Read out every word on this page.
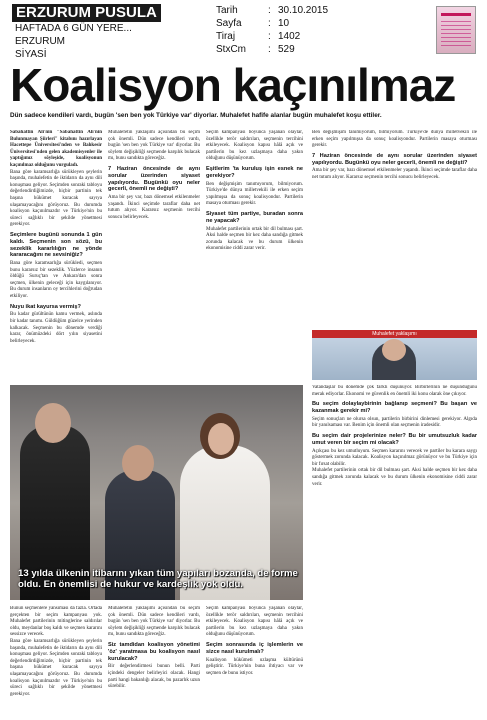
ERZURUM PUSULA
HAFTADA 6 GÜN YERE...
ERZURUM
SİYASİ
Tarih	: 30.10.2015
Sayfa	: 10
Tiraj	: 1402
StxCm	: 529
Koalisyon kaçınılmaz
Dün sadece kendileri vardı, bugün 'sen ben yok Türkiye var' diyorlar. Muhalefet hafife alanlar bugün muhalefet koşu ettiler.
Sabahattin Ali'nin "Sabahattin Ali'nin Bulunmayan Şiirleri" kitabını hazırlayan Hacettepe Üniversitesi'nden ve Balıkesir Üniversitesi'nden gelen akademisyenler ile yaptığımız söyleşide, koalisyonun kaçınılmaz olduğunu vurguladı.
Bana göre karamsarlığa sürükleyen şeylerin başında, muhalefetin de iktidarın da aynı dili konuşması geliyor. Seçimden sonraki tabloyu değerlendirdiğimizde, hiçbir partinin tek başına hükümet kuracak sayıya ulaşamayacağını görüyoruz. Bu durumda koalisyon kaçınılmazdır ve Türkiye'nin bu süreci sağlıklı bir şekilde yönetmesi gerekiyor.
Seçimlere bugünü sonunda 1 gün kaldı. Seçmenin son sözü, bu sezeklik kararlılığın ne yönde kararacağını ne sevsiniğiz?
Bana göre karamsarlığa sürükledi, seçmen bunu kararsız bir sezeklik. Yüzlerce insanın öldüğü Suruç'tan ve Ankara'dan sonra seçmen, ülkenin geleceği için kaygılanıyor. Bu durum insanların oy tercihlerini doğrudan etkiliyor.
Nuyu ikat kayursa vermiş?
Bu kadar gürültünün kamu vermek, aslında bir kadar tanımı. Güldüğüm güzelce yerinden kalkacak. Seçmenin bu dönemde verdiği karar, önümüzdeki dört yılın siyasetini belirleyecek.
Muhalefetin yaklaşımı açısından bu seçim çok önemli. Dün sadece kendileri vardı, bugün 'sen ben yok Türkiye var' diyorlar. Bu söylem değişikliği seçmende karşılık bulacak mı, bunu sandıkta göreceğiz.
7 Haziran öncesinde de aynı sorular üzerinden siyaset yapılıyordu. Bugünkü oyu neler gecerli, önemli ne değişti?
Ama bir şey var, bazı dönemsel etkilenmeler yaşandı. İkinci seçimde taraflar daha net tutum alıyor. Kararsız seçmenin tercihi sonucu belirleyecek.
Seçim kampanyası boyunca yaşanan olaylar, özellikle terör saldırıları, seçmenin tercihini etkileyecek. Koalisyon kapısı hâlâ açık ve partilerin bu kez uzlaşmaya daha yakın olduğunu düşünüyorum.
Eşitlerim 'ta kuruluş işin esnek ne gerekiyor?
Ben değişmişim tanımıyorum, bilmiyorum. Türkiye'de dünya milletvekili ile erken seçim yapılmışsa da sonuç koalisyondur. Partilerin masaya oturması gerekir.
Siyaset tüm partiye, buradan sonra ne yapacak?
Muhalefet partilerinin ortak bir dil bulması şart. Aksi halde seçmen bir kez daha sandığa gitmek zorunda kalacak ve bu durum ülkenin ekonomisine ciddi zarar verir.
Ben değişmişim tanımıyorum, bilmiyorum. Türkiye'de dünya milletvekili ile erken seçim yapılmışsa da sonuç koalisyondur. Partilerin masaya oturması gerekir.
7 Haziran öncesinde de aynı sorular üzerinden siyaset yapılıyordu. Bugünkü oyu neler gecerli, önemli ne değişti?
Ama bir şey var, bazı dönemsel etkilenmeler yaşandı. İkinci seçimde taraflar daha net tutum alıyor. Kararsız seçmenin tercihi sonucu belirleyecek.
Muhalefet yaklaşımı
13 yılda ülkenin itibarını yıkan tüm yapıları bozanda, de forme oldu. En önemlisi de hukur ve kardeşlik yok oldu.
Vatandaşlar bu dönemde çok farklı düşünüyor. Birbirlerinin ne düşündüğünü merak ediyorlar. Ekonomi ve güvenlik en önemli iki konu olarak öne çıkıyor.
Bu seçim dolaylaybirinin bağlanıp seçmeni? Bu başarı ve kazanmak gerekir mi?
Seçim sonuçları ne olursa olsun, partilerin birbirini dinlemesi gerekiyor. Algıda bir yanılsaması var. Benim için önemli olan seçmenin iradesidir.
Bu seçim dair projelerinize neler? Bu bir umutsuzluk kadar umut veren bir seçim mi olacak?
Açıkçası bu kez umutluyum. Seçmen kararını verecek ve partiler bu karara saygı göstermek zorunda kalacak. Koalisyon kaçınılmaz görünüyor ve bu Türkiye için bir fırsat olabilir.
Muhalefet partilerinin ortak bir dil bulması şart. Aksi halde seçmen bir kez daha sandığa gitmek zorunda kalacak ve bu durum ülkenin ekonomisine ciddi zarar verir.
Bunun seçmenlere yansıması da fazla. Ortada gerçekten bir seçim kampanyası yok. Muhalefet partilerinin mitinglerine saldırılar oldu, meydanlar boş kaldı ve seçmen kararını sessizce verecek.
Bana göre karamsarlığa sürükleyen şeylerin başında, muhalefetin de iktidarın da aynı dili konuşması geliyor. Seçimden sonraki tabloyu değerlendirdiğimizde, hiçbir partinin tek başına hükümet kuracak sayıya ulaşamayacağını görüyoruz. Bu durumda koalisyon kaçınılmazdır ve Türkiye'nin bu süreci sağlıklı bir şekilde yönetmesi gerekiyor.
Muhalefetin yaklaşımı açısından bu seçim çok önemli. Dün sadece kendileri vardı, bugün 'sen ben yok Türkiye var' diyorlar. Bu söylem değişikliği seçmende karşılık bulacak mı, bunu sandıkta göreceğiz.
Siz tamdidan koalisyon yönetimi 'öz' yaratmasa bu koalisyon nasıl kurulacak?
Bir değerlendirmesi bunun belli. Parti içindeki dengeler belirleyici olacak. Hangi parti hangi bakanlığı alacak, bu pazarlık uzun sürebilir.
Seçim kampanyası boyunca yaşanan olaylar, özellikle terör saldırıları, seçmenin tercihini etkileyecek. Koalisyon kapısı hâlâ açık ve partilerin bu kez uzlaşmaya daha yakın olduğunu düşünüyorum.
Seçim sonrasında iç işlemlerin ve sizce nasıl kurulmalı?
Koalisyon hükümeti uzlaşma kültürünü geliştirir. Türkiye'nin buna ihtiyacı var ve seçmen de bunu istiyor.
